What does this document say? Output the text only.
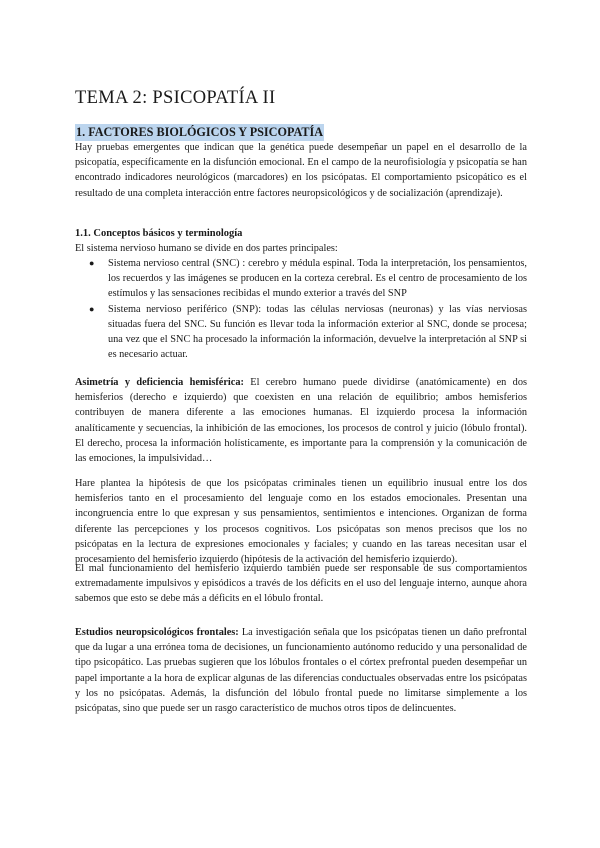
TEMA 2: PSICOPATÍA II
1. FACTORES BIOLÓGICOS Y PSICOPATÍA

Hay pruebas emergentes que indican que la genética puede desempeñar un papel en el desarrollo de la psicopatía, específicamente en la disfunción emocional. En el campo de la neurofisiología y psicopatía se han encontrado indicadores neurológicos (marcadores) en los psicópatas. El comportamiento psicopático es el resultado de una completa interacción entre factores neuropsicológicos y de socialización (aprendizaje).

1.1. Conceptos básicos y terminología

El sistema nervioso humano se divide en dos partes principales:

● Sistema nervioso central (SNC) : cerebro y médula espinal. Toda la interpretación, los pensamientos, los recuerdos y las imágenes se producen en la corteza cerebral. Es el centro de procesamiento de los estímulos y las sensaciones recibidas el mundo exterior a través del SNP
● Sistema nervioso periférico (SNP): todas las células nerviosas (neuronas) y las vías nerviosas situadas fuera del SNC. Su función es llevar toda la información exterior al SNC, donde se procesa; una vez que el SNC ha procesado la información la información, devuelve la interpretación al SNP si es necesario actuar.

Asimetría y deficiencia hemisférica: El cerebro humano puede dividirse (anatómicamente) en dos hemisferios (derecho e izquierdo) que coexisten en una relación de equilibrio; ambos hemisferios contribuyen de manera diferente a las emociones humanas. El izquierdo procesa la información analíticamente y secuencias, la inhibición de las emociones, los procesos de control y juicio (lóbulo frontal). El derecho, procesa la información holísticamente, es importante para la comprensión y la comunicación de las emociones, la impulsividad…

Hare plantea la hipótesis de que los psicópatas criminales tienen un equilibrio inusual entre los dos hemisferios tanto en el procesamiento del lenguaje como en los estados emocionales. Presentan una incongruencia entre lo que expresan y sus pensamientos, sentimientos e intenciones. Organizan de forma diferente las percepciones y los procesos cognitivos. Los psicópatas son menos precisos que los no psicópatas en la lectura de expresiones emocionales y faciales; y cuando en las tareas necesitan usar el procesamiento del hemisferio izquierdo (hipótesis de la activación del hemisferio izquierdo).

El mal funcionamiento del hemisferio izquierdo también puede ser responsable de sus comportamientos extremadamente impulsivos y episódicos a través de los déficits en el uso del lenguaje interno, aunque ahora sabemos que esto se debe más a déficits en el lóbulo frontal.

Estudios neuropsicológicos frontales: La investigación señala que los psicópatas tienen un daño prefrontal que da lugar a una errónea toma de decisiones, un funcionamiento autónomo reducido y una personalidad de tipo psicopático. Las pruebas sugieren que los lóbulos frontales o el córtex prefrontal pueden desempeñar un papel importante a la hora de explicar algunas de las diferencias conductuales observadas entre los psicópatas y los no psicópatas. Además, la disfunción del lóbulo frontal puede no limitarse simplemente a los psicópatas, sino que puede ser un rasgo característico de muchos otros tipos de delincuentes.
